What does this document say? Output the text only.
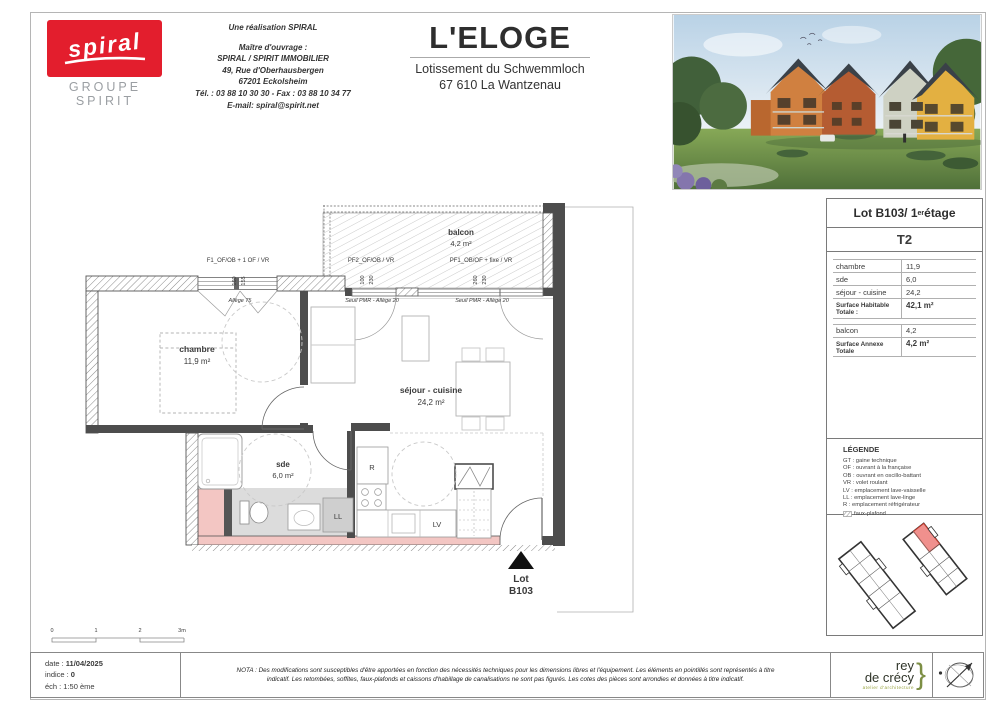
spiral
GROUPE SPIRIT
Une réalisation SPIRAL
Maître d'ouvrage :
SPIRAL / SPIRIT IMMOBILIER
49, Rue d'Oberhausbergen
67201 Eckolsheim
Tél. : 03 88 10 30 30 - Fax : 03 88 10 34 77
E-mail: spiral@spirit.net
L'ELOGE
Lotissement du Schwemmloch
67 610 La Wantzenau
LL
R
LV
chambre
11,9 m²
sde
6,0 m²
séjour - cuisine
24,2 m²
balcon
4,2 m²
F1_OF/OB + 1 OF / VR
160 155
Allège 75
PF2_OF/OB / VR
100 230
Seuil PMR - Allège 20
PF1_OB/OF + fixe / VR
260 230
Seuil PMR - Allège 20
Lot
B103
0	1	2	3m
Lot B103 / 1 er étage
T2
chambre	11,9
sde	6,0
séjour - cuisine	24,2
Surface Habitable Totale :
42,1 m²
balcon	4,2
Surface Annexe Totale
4,2 m²
LÉGENDE
GT : gaine technique
OF : ouvrant à la française
OB : ouvrant en oscillo-battant
VR : volet roulant
LV : emplacement lave-vaisselle
LL : emplacement lave-linge
R : emplacement réfrigérateur
faux-plafond
date : 11/04/2025
indice : 0
éch : 1:50 ème
NOTA : Des modifications sont susceptibles d'être apportées en fonction des nécessités techniques pour les dimensions libres et l'équipement. Les éléments en pointillés sont représentés à titre
indicatif. Les retombées, soffites, faux-plafonds et caissons d'habillage de canalisations ne sont pas figurés. Les cotes des pièces sont arrondies et données à titre indicatif.
rey
de crécy
atelier d'architecture }
